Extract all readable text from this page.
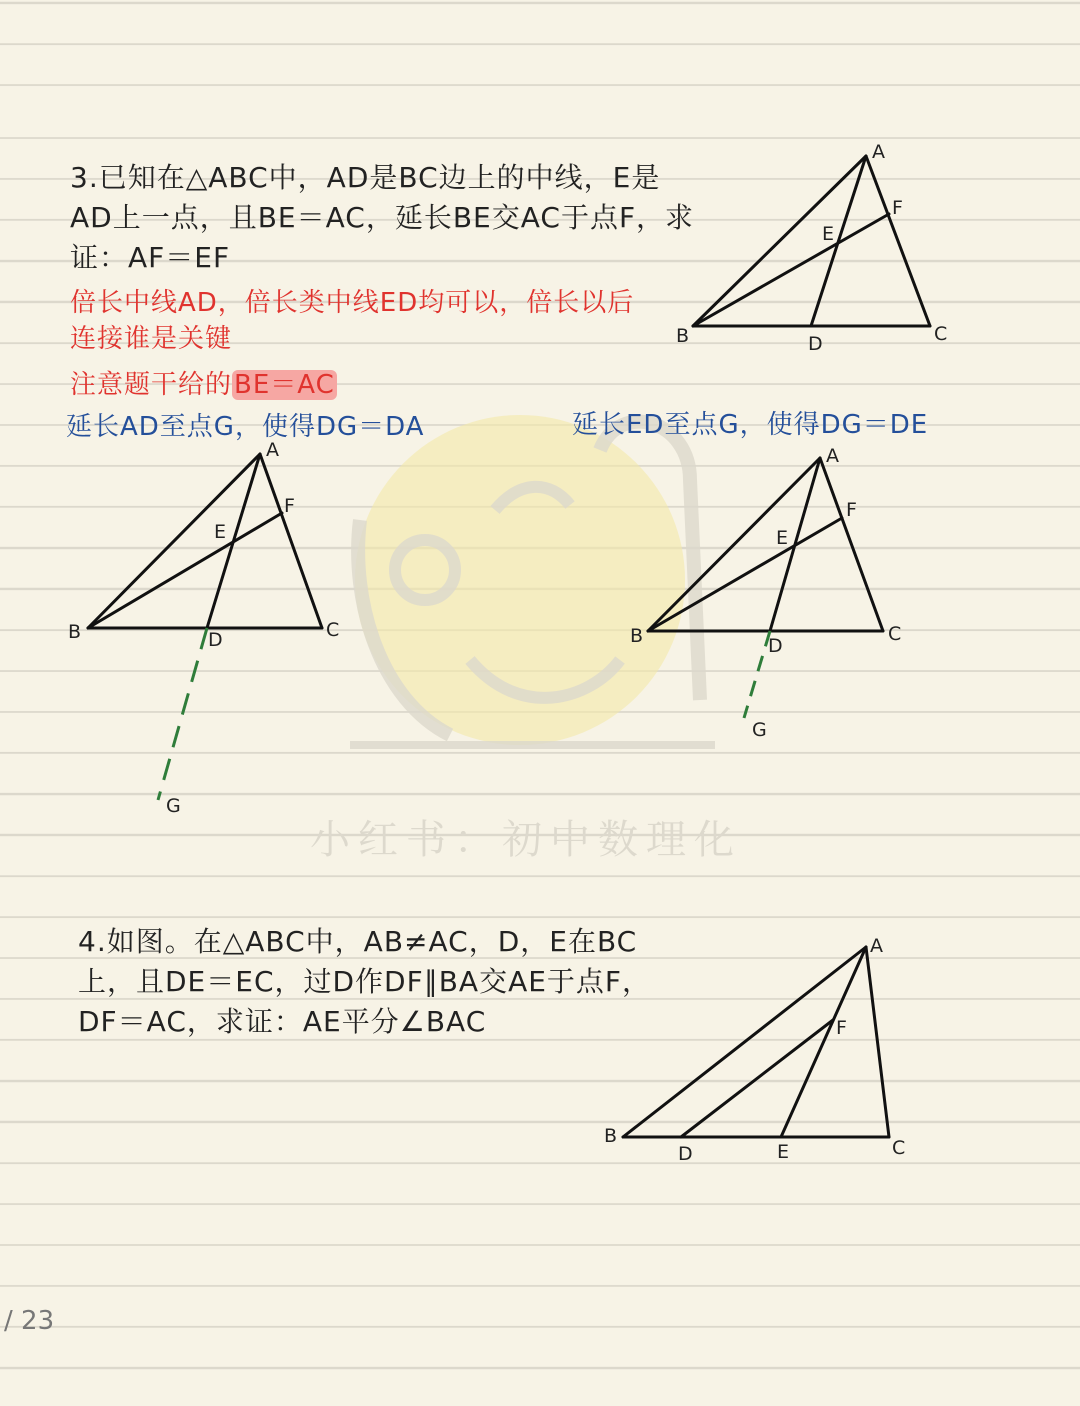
小红书：初中数理化
3.已知在△ABC中，AD是BC边上的中线，E是
AD上一点，且BE＝AC，延长BE交AC于点F，求
证：AF＝EF
倍长中线AD，倍长类中线ED均可以，倍长以后
连接谁是关键
注意题干给的BE＝AC
延长AD至点G，使得DG＝DA	延长ED至点G，使得DG＝DE
4.如图。在△ABC中，AB≠AC，D，E在BC
上，且DE＝EC，过D作DF∥BA交AE于点F，
DF＝AC，求证：AE平分∠BAC
/ 23
A
F
E
B	D	C
A
F
E
B	D	C
G
A
F
E
B	D
C
G
A
F
B
D	E	C
